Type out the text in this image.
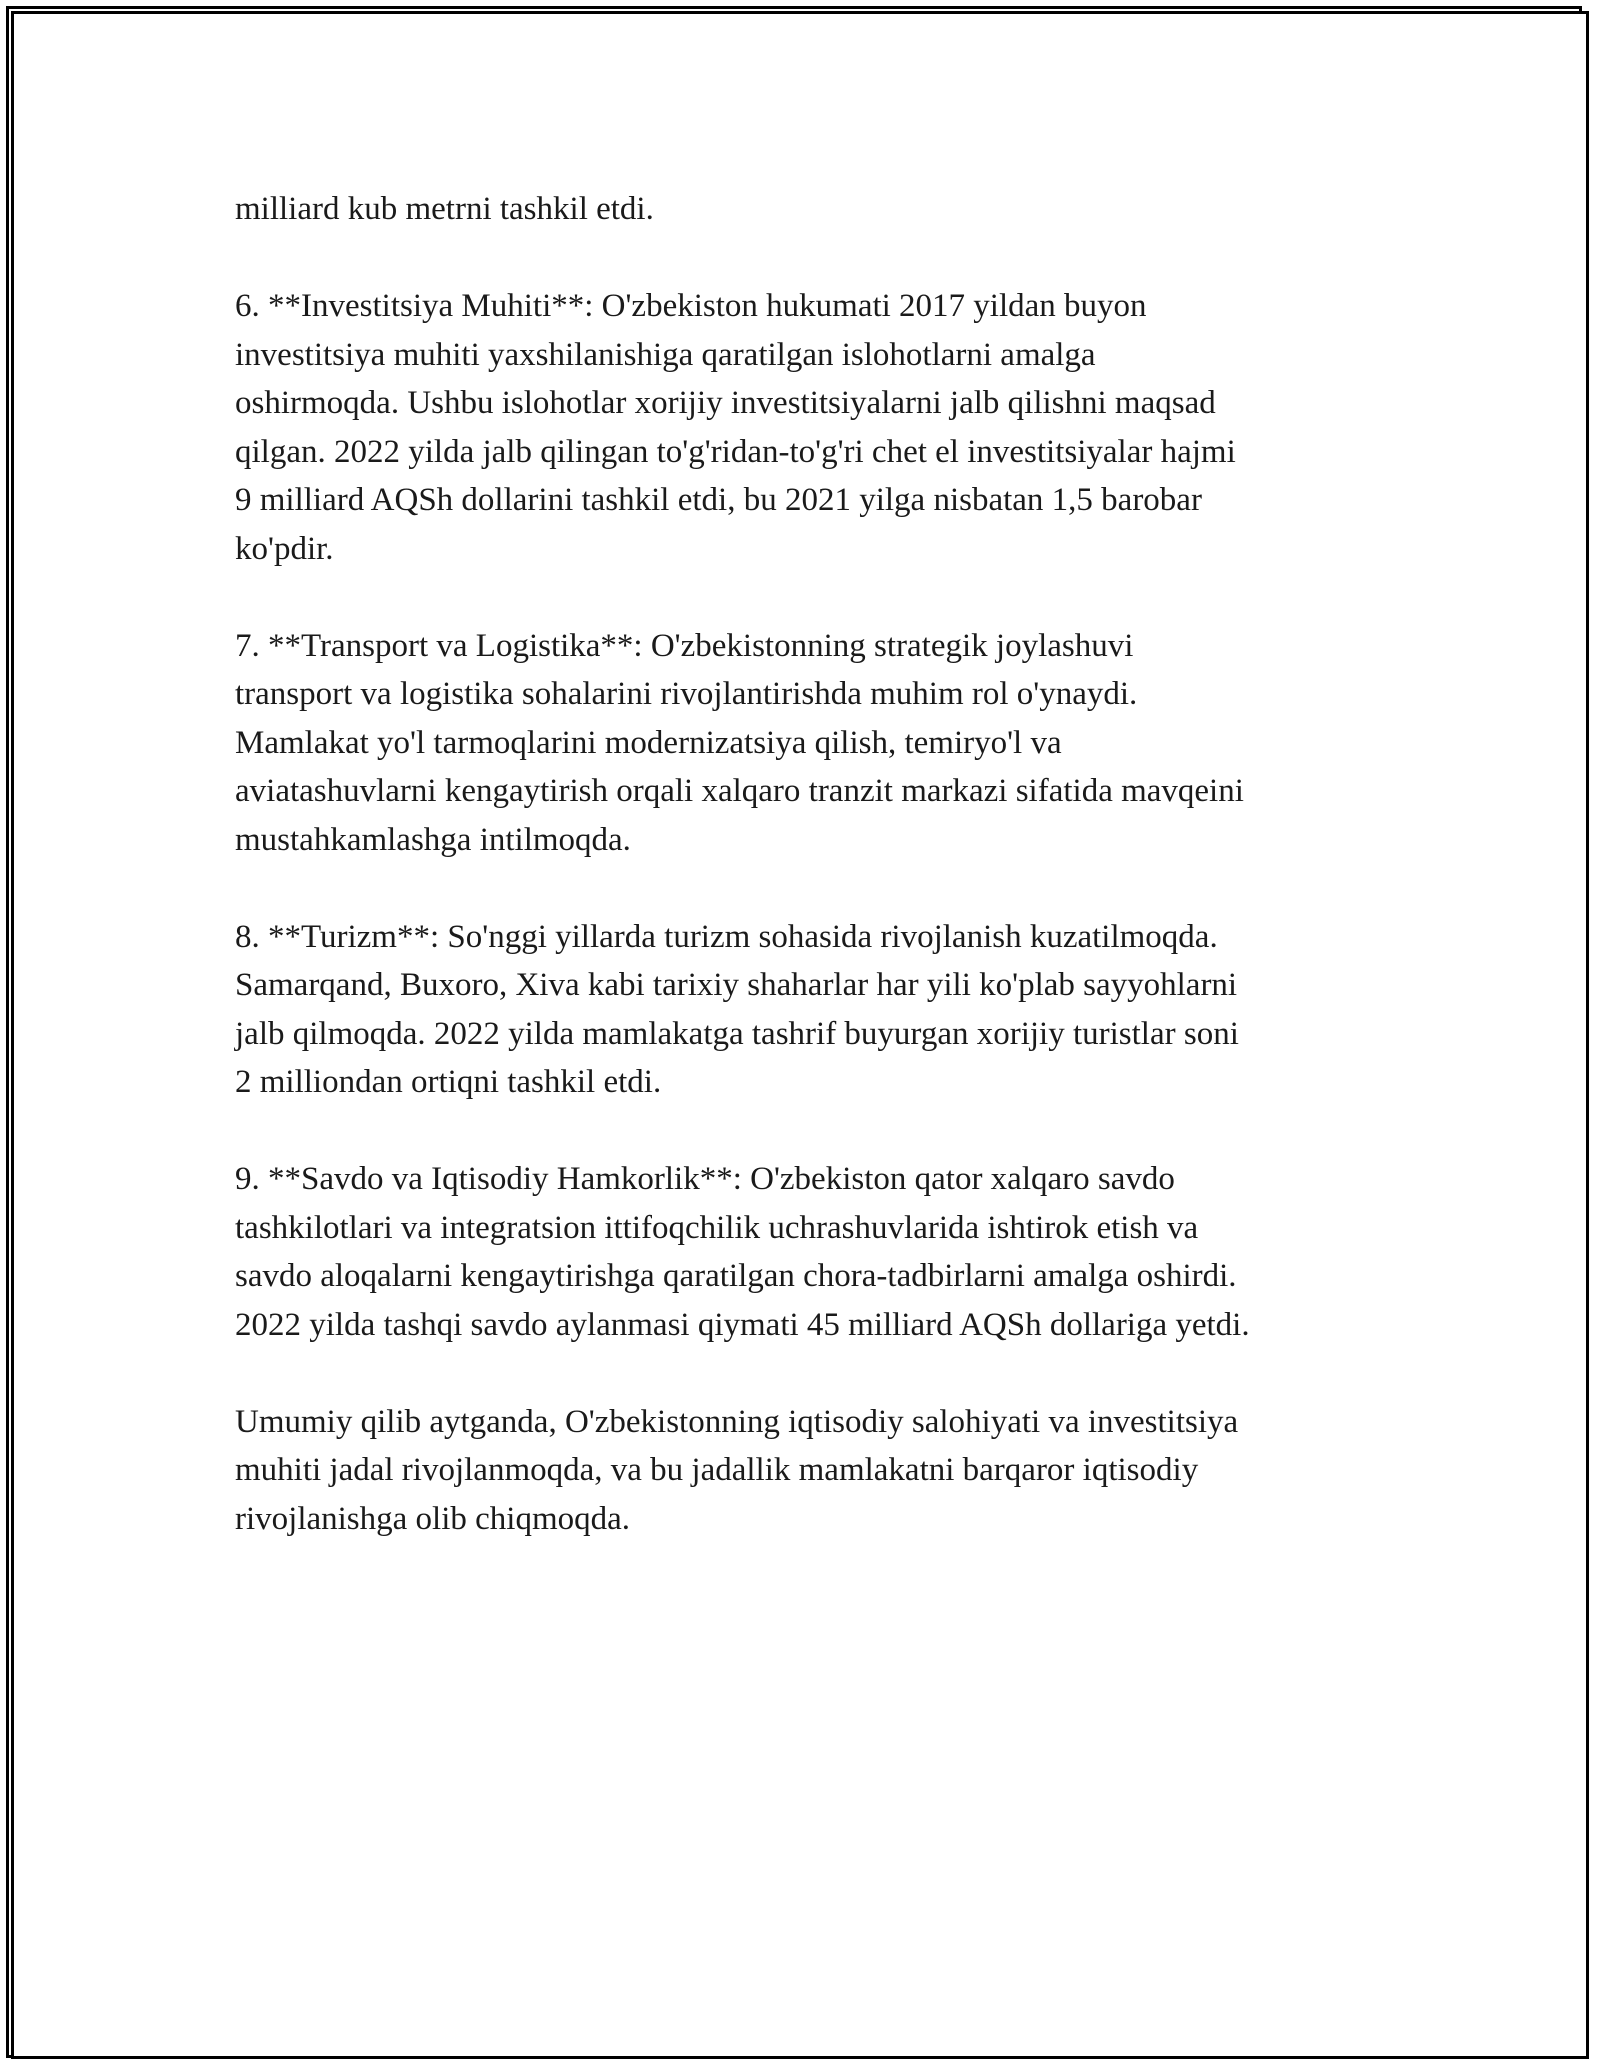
milliard kub metrni tashkil etdi.

6. **Investitsiya Muhiti**: O'zbekiston hukumati 2017 yildan buyon
investitsiya muhiti yaxshilanishiga qaratilgan islohotlarni amalga
oshirmoqda. Ushbu islohotlar xorijiy investitsiyalarni jalb qilishni maqsad
qilgan. 2022 yilda jalb qilingan to'g'ridan-to'g'ri chet el investitsiyalar hajmi
9 milliard AQSh dollarini tashkil etdi, bu 2021 yilga nisbatan 1,5 barobar
ko'pdir.

7. **Transport va Logistika**: O'zbekistonning strategik joylashuvi
transport va logistika sohalarini rivojlantirishda muhim rol o'ynaydi.
Mamlakat yo'l tarmoqlarini modernizatsiya qilish, temiryo'l va
aviatashuvlarni kengaytirish orqali xalqaro tranzit markazi sifatida mavqeini
mustahkamlashga intilmoqda.

8. **Turizm**: So'nggi yillarda turizm sohasida rivojlanish kuzatilmoqda.
Samarqand, Buxoro, Xiva kabi tarixiy shaharlar har yili ko'plab sayyohlarni
jalb qilmoqda. 2022 yilda mamlakatga tashrif buyurgan xorijiy turistlar soni
2 milliondan ortiqni tashkil etdi.

9. **Savdo va Iqtisodiy Hamkorlik**: O'zbekiston qator xalqaro savdo
tashkilotlari va integratsion ittifoqchilik uchrashuvlarida ishtirok etish va
savdo aloqalarni kengaytirishga qaratilgan chora-tadbirlarni amalga oshirdi.
2022 yilda tashqi savdo aylanmasi qiymati 45 milliard AQSh dollariga yetdi.

Umumiy qilib aytganda, O'zbekistonning iqtisodiy salohiyati va investitsiya
muhiti jadal rivojlanmoqda, va bu jadallik mamlakatni barqaror iqtisodiy
rivojlanishga olib chiqmoqda.
